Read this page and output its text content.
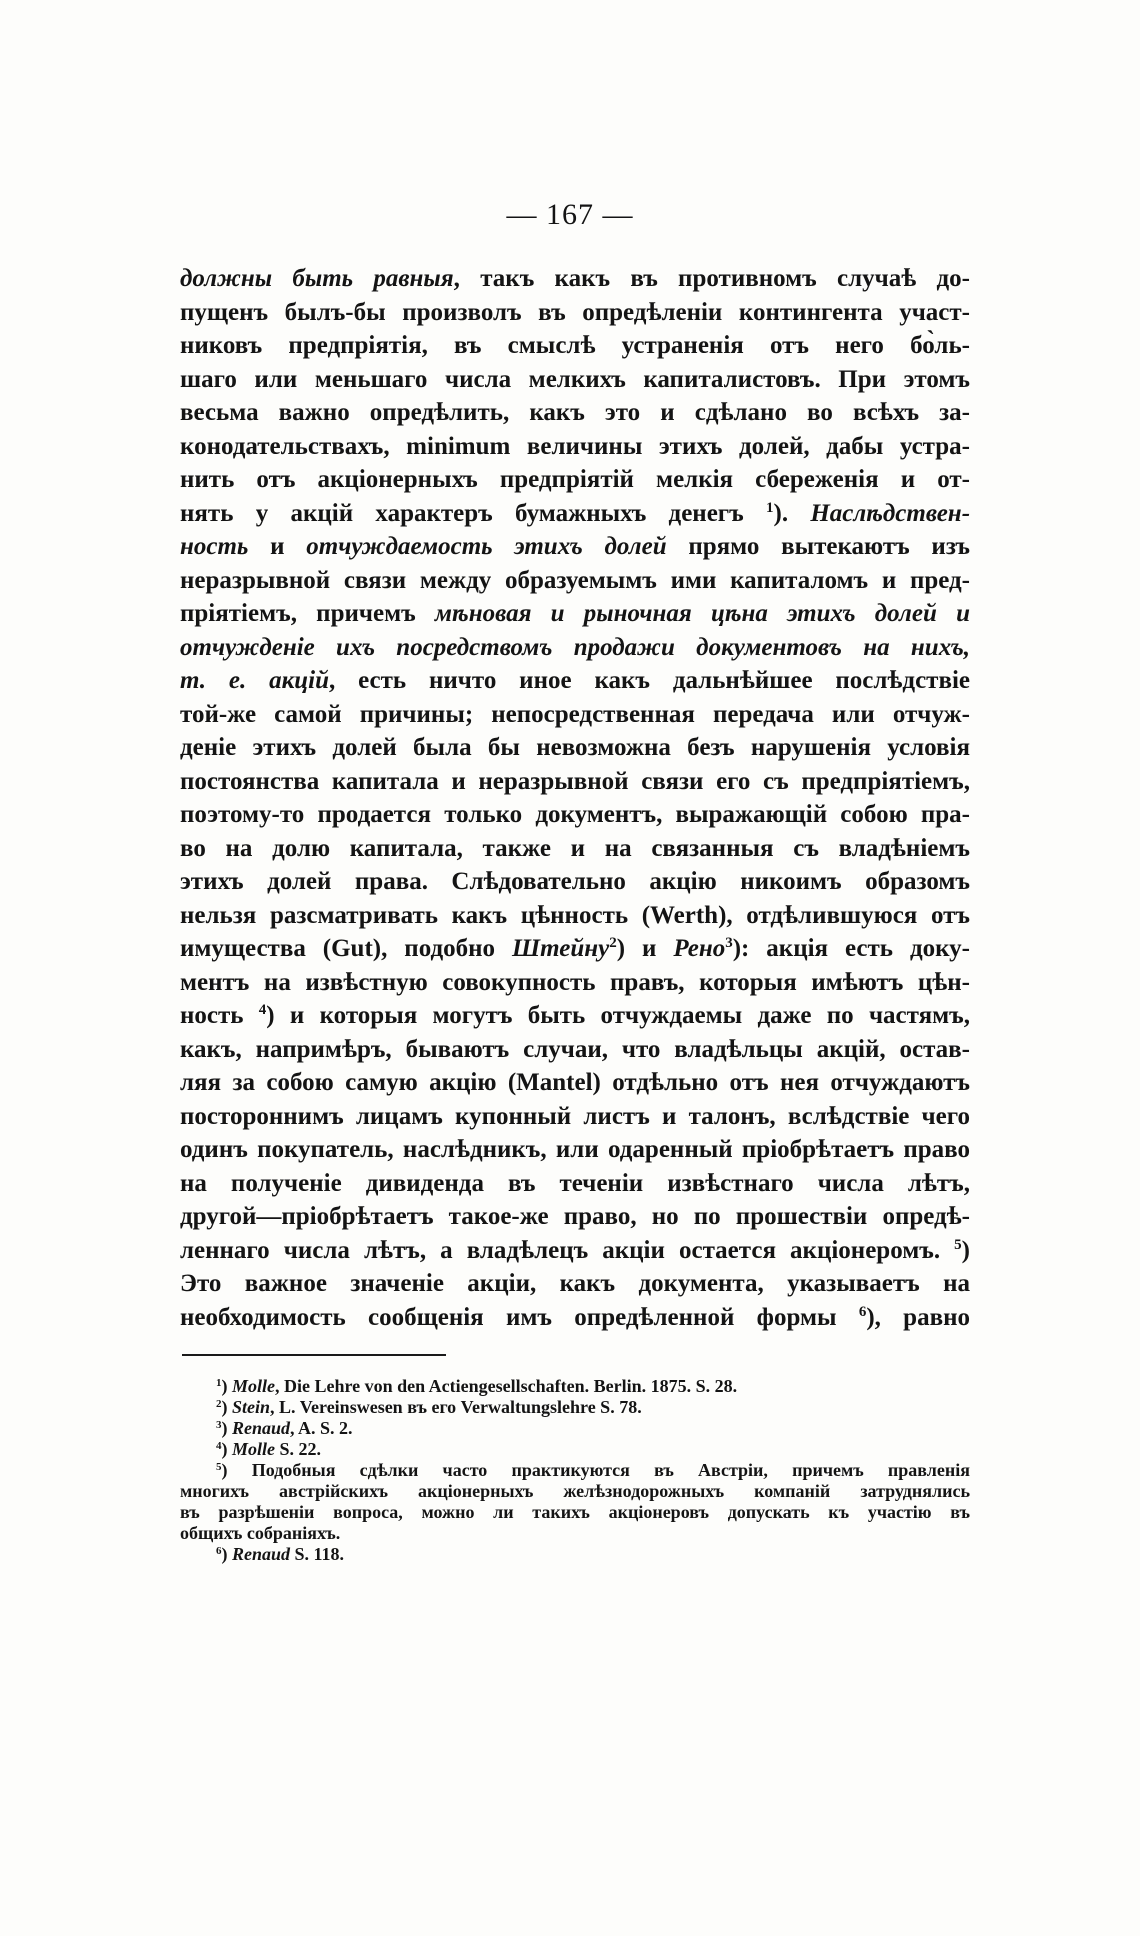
— 167 —
должны быть равныя, такъ какъ въ противномъ случаѣ до-
пущенъ былъ-бы произволъ въ опредѣленіи контингента участ-
никовъ предпріятія, въ смыслѣ устраненія отъ него бо̀ль-
шаго или меньшаго числа мелкихъ капиталистовъ. При этомъ
весьма важно опредѣлить, какъ это и сдѣлано во всѣхъ за-
конодательствахъ, minimum величины этихъ долей, дабы устра-
нить отъ акціонерныхъ предпріятій мелкія сбереженія и от-
нять у акцій характеръ бумажныхъ денегъ $^1$). Наслѣдствен-
ность и отчуждаемость этихъ долей прямо вытекаютъ изъ
неразрывной связи между образуемымъ ими капиталомъ и пред-
пріятіемъ, причемъ мѣновая и рыночная цѣна этихъ долей и
отчужденіе ихъ посредствомъ продажи документовъ на нихъ,
т. е. акцій, есть ничто иное какъ дальнѣйшее послѣдствіе
той-же самой причины; непосредственная передача или отчуж-
деніе этихъ долей была бы невозможна безъ нарушенія условія
постоянства капитала и неразрывной связи его съ предпріятіемъ,
поэтому-то продается только документъ, выражающій собою пра-
во на долю капитала, также и на связанныя съ владѣніемъ
этихъ долей права. Слѣдовательно акцію никоимъ образомъ
нельзя разсматривать какъ цѣнность (Werth), отдѣлившуюся отъ
имущества (Gut), подобно Штейну$^2$) и Рено$^3$): акція есть доку-
ментъ на извѣстную совокупность правъ, которыя имѣютъ цѣн-
ность $^4$) и которыя могутъ быть отчуждаемы даже по частямъ,
какъ, напримѣръ, бываютъ случаи, что владѣльцы акцій, остав-
ляя за собою самую акцію (Mantel) отдѣльно отъ нея отчуждаютъ
постороннимъ лицамъ купонный листъ и талонъ, вслѣдствіе чего
одинъ покупатель, наслѣдникъ, или одаренный пріобрѣтаетъ право
на полученіе дивиденда въ теченіи извѣстнаго числа лѣтъ,
другой—пріобрѣтаетъ такое-же право, но по прошествіи опредѣ-
леннаго числа лѣтъ, а владѣлецъ акціи остается акціонеромъ. $^5$)
Это важное значеніе акціи, какъ документа, указываетъ на
необходимость сообщенія имъ опредѣленной формы $^6$), равно
$^1$) Molle, Die Lehre von den Actiengesellschaften. Berlin. 1875. S. 28.
$^2$) Stein, L. Vereinswesen въ его Verwaltungslehre S. 78.
$^3$) Renaud, A. S. 2.
$^4$) Molle S. 22.
$^5$) Подобныя сдѣлки часто практикуются въ Австріи, причемъ правленія
многихъ австрійскихъ акціонерныхъ желѣзнодорожныхъ компаній затруднялись
въ разрѣшеніи вопроса, можно ли такихъ акціонеровъ допускать къ участію въ
общихъ собраніяхъ.
$^6$) Renaud S. 118.
